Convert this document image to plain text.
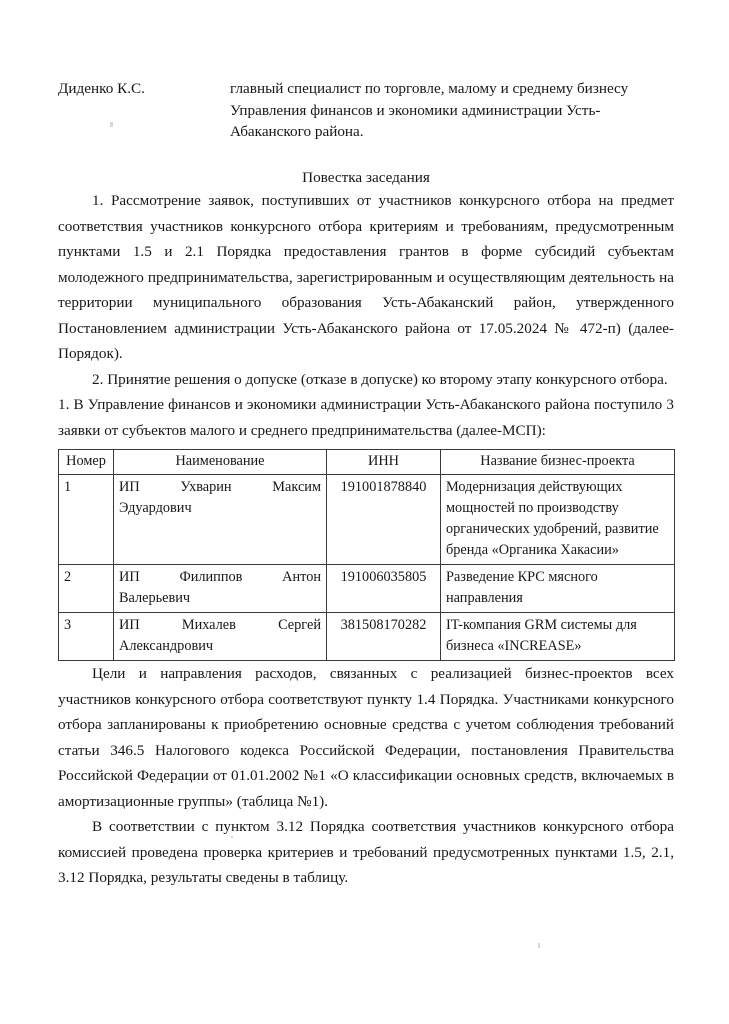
Диденко К.С.	главный специалист по торговле, малому и среднему бизнесу
Управления финансов и экономики администрации Усть-
Абаканского района.
Повестка заседания

1. Рассмотрение заявок, поступивших от участников конкурсного отбора на предмет соответствия участников конкурсного отбора критериям и требованиям, предусмотренным пунктами 1.5 и 2.1 Порядка предоставления грантов в форме субсидий субъектам молодежного предпринимательства, зарегистрированным и осуществляющим деятельность на территории муниципального образования Усть-Абаканский район, утвержденного Постановлением администрации Усть-Абаканского района от 17.05.2024 № 472-п) (далее-Порядок).

2. Принятие решения о допуске (отказе в допуске) ко второму этапу конкурсного отбора.

1. В Управление финансов и экономики администрации Усть-Абаканского района поступило 3 заявки от субъектов малого и среднего предпринимательства (далее-МСП):

Номер	Наименование	ИНН	Название бизнес-проекта
1	ИП Ухварин Максим
Эдуардович	191001878840	Модернизация действующих мощностей по производству органических удобрений, развитие бренда «Органика Хакасии»
2	ИП Филиппов Антон
Валерьевич	191006035805	Разведение КРС мясного направления
3	ИП Михалев Сергей
Александрович	381508170282	IT-компания GRM системы для бизнеса «INCREASE»

Цели и направления расходов, связанных с реализацией бизнес-проектов всех участников конкурсного отбора соответствуют пункту 1.4 Порядка. Участниками конкурсного отбора запланированы к приобретению основные средства с учетом соблюдения требований статьи 346.5 Налогового кодекса Российской Федерации, постановления Правительства Российской Федерации от 01.01.2002 №1 «О классификации основных средств, включаемых в амортизационные группы» (таблица №1).

В соответствии с пунктом 3.12 Порядка соответствия участников конкурсного отбора комиссией проведена проверка критериев и требований предусмотренных пунктами 1.5, 2.1, 3.12 Порядка, результаты сведены в таблицу.
